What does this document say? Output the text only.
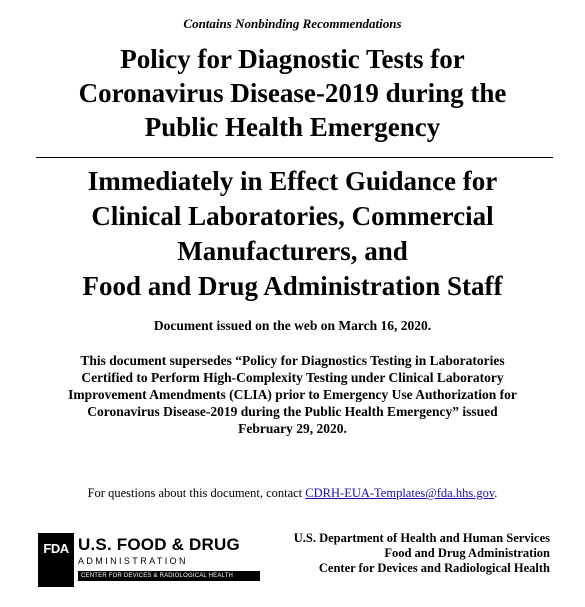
Contains Nonbinding Recommendations
Policy for Diagnostic Tests for
Coronavirus Disease-2019 during the
Public Health Emergency
Immediately in Effect Guidance for
Clinical Laboratories, Commercial
Manufacturers, and
Food and Drug Administration Staff
Document issued on the web on March 16, 2020.
This document supersedes “Policy for Diagnostics Testing in Laboratories
Certified to Perform High-Complexity Testing under Clinical Laboratory
Improvement Amendments (CLIA) prior to Emergency Use Authorization for
Coronavirus Disease-2019 during the Public Health Emergency” issued
February 29, 2020.
For questions about this document, contact CDRH-EUA-Templates@fda.hhs.gov.
FDA U.S. FOOD & DRUG
ADMINISTRATION
CENTER FOR DEVICES & RADIOLOGICAL HEALTH
U.S. Department of Health and Human Services
Food and Drug Administration
Center for Devices and Radiological Health
